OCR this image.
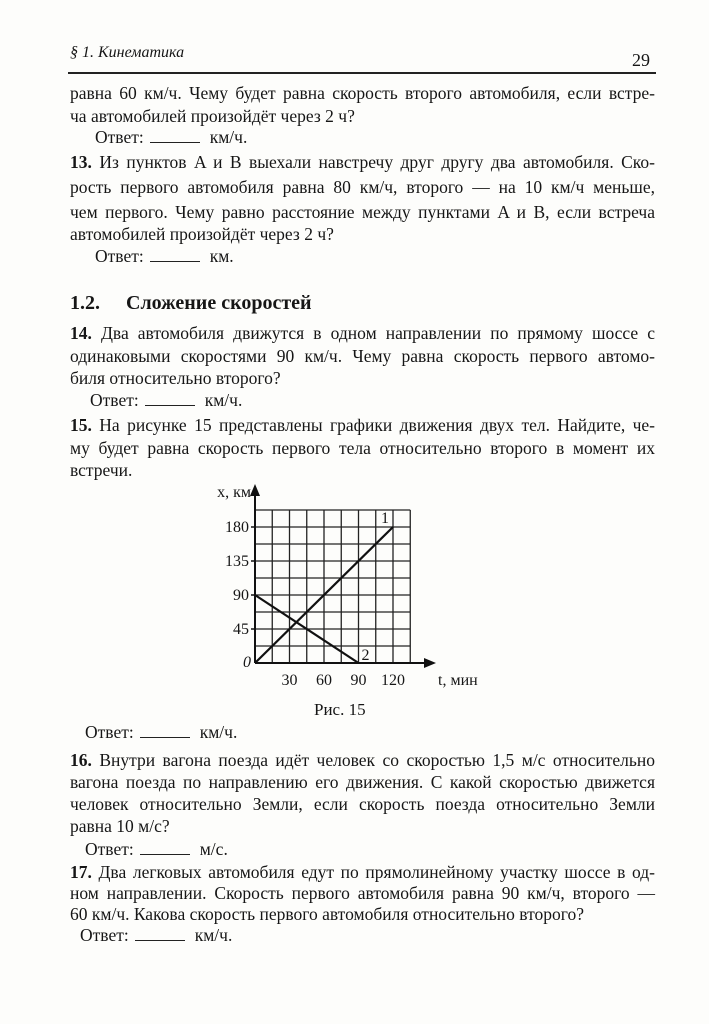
§ 1. Кинематика	29
равна 60 км/ч. Чему будет равна скорость второго автомобиля, если встре-
ча автомобилей произойдёт через 2 ч?
Ответ:	км/ч.
13. Из пунктов A и B выехали навстречу друг другу два автомобиля. Ско-
рость первого автомобиля равна 80 км/ч, второго — на 10 км/ч меньше,
чем первого. Чему равно расстояние между пунктами A и B, если встреча
автомобилей произойдёт через 2 ч?
Ответ:	км.
1.2. Сложение скоростей
14. Два автомобиля движутся в одном направлении по прямому шоссе с
одинаковыми скоростями 90 км/ч. Чему равна скорость первого автомо-
биля относительно второго?
Ответ:	км/ч.
15. На рисунке 15 представлены графики движения двух тел. Найдите, че-
му будет равна скорость первого тела относительно второго в момент их
встречи.
45
90
135
180
30 60 90 120
0
x, км
t, мин
1
2
Рис. 15
Ответ:	км/ч.
16. Внутри вагона поезда идёт человек со скоростью 1,5 м/с относительно
вагона поезда по направлению его движения. С какой скоростью движется
человек относительно Земли, если скорость поезда относительно Земли
равна 10 м/с?
Ответ:	м/с.
17. Два легковых автомобиля едут по прямолинейному участку шоссе в од-
ном направлении. Скорость первого автомобиля равна 90 км/ч, второго —
60 км/ч. Какова скорость первого автомобиля относительно второго?
Ответ:	км/ч.
